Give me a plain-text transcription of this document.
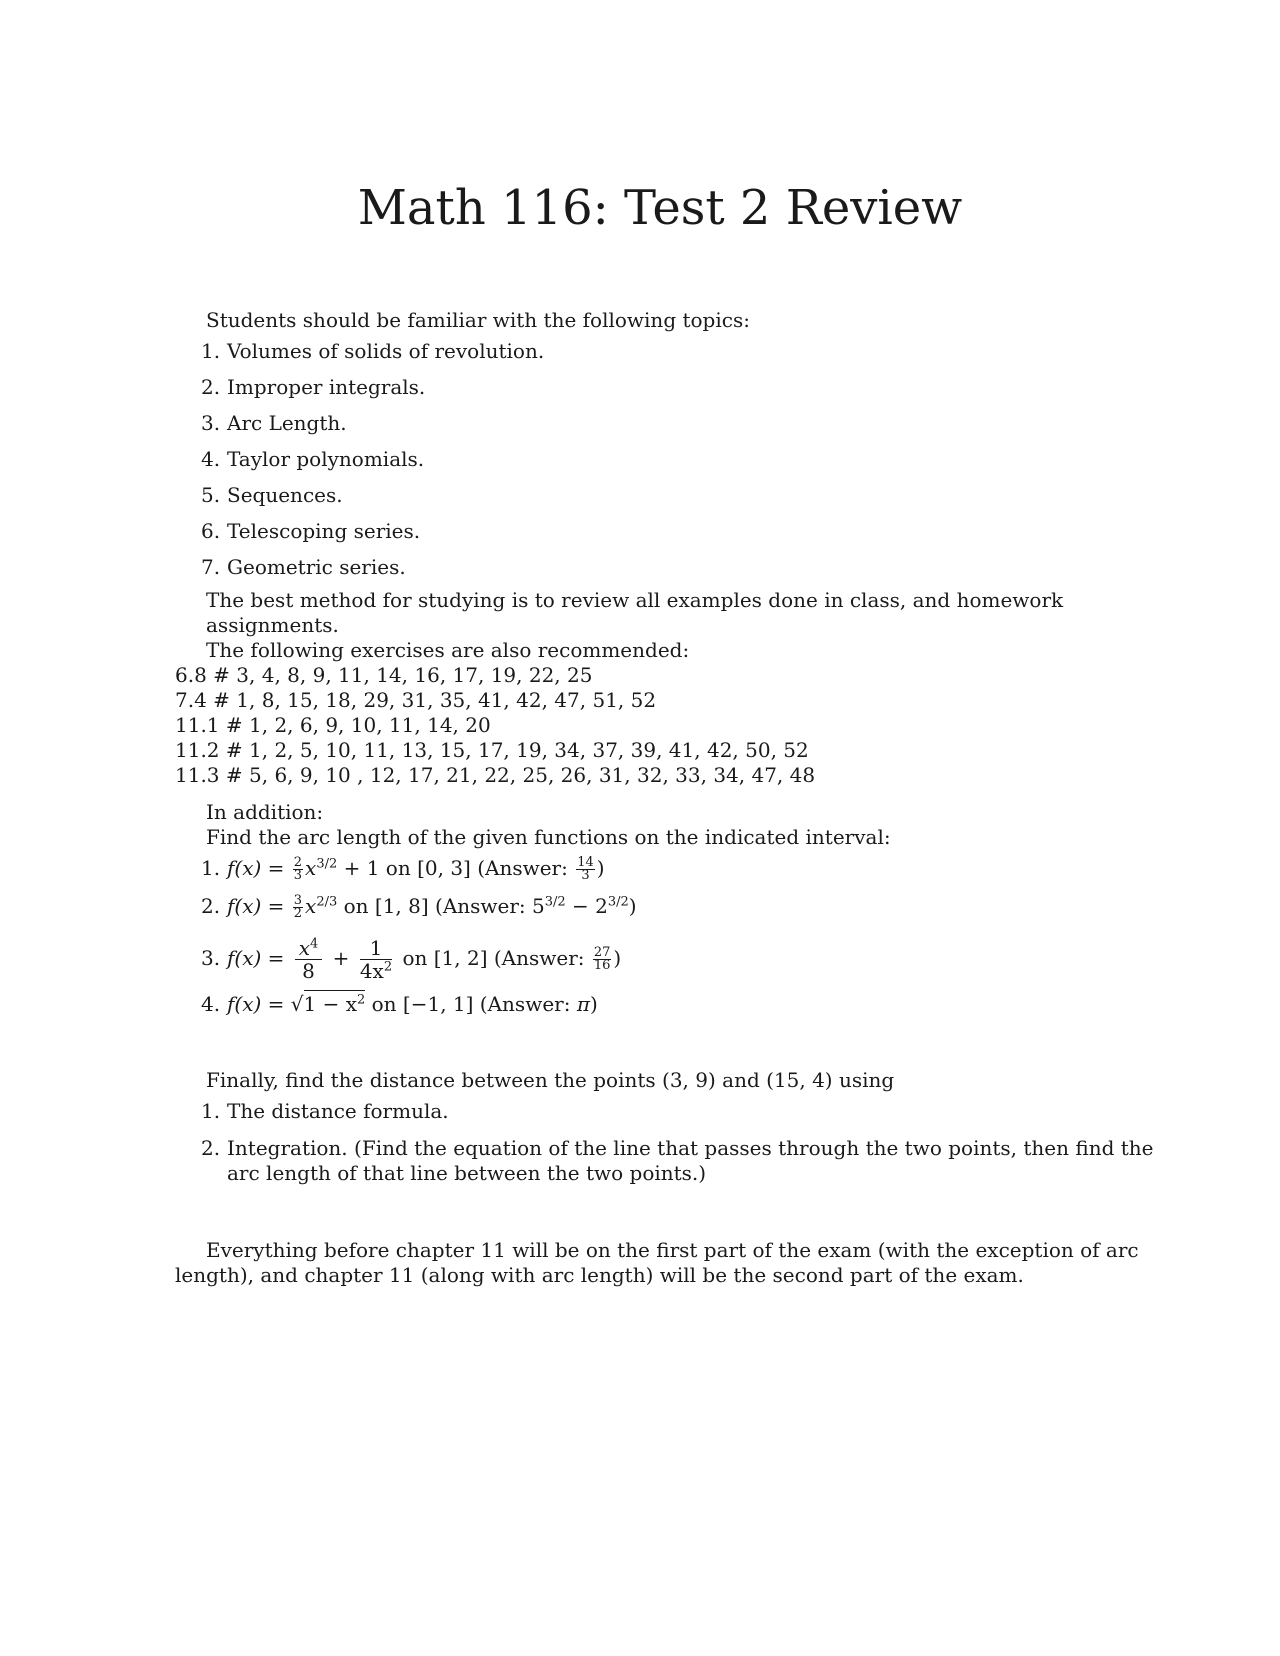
Math 116: Test 2 Review

Students should be familiar with the following topics:

1. Volumes of solids of revolution.
2. Improper integrals.
3. Arc Length.
4. Taylor polynomials.
5. Sequences.
6. Telescoping series.
7. Geometric series.

The best method for studying is to review all examples done in class, and homework assignments.

The following exercises are also recommended:

6.8 # 3, 4, 8, 9, 11, 14, 16, 17, 19, 22, 25
7.4 # 1, 8, 15, 18, 29, 31, 35, 41, 42, 47, 51, 52
11.1 # 1, 2, 6, 9, 10, 11, 14, 20
11.2 # 1, 2, 5, 10, 11, 13, 15, 17, 19, 34, 37, 39, 41, 42, 50, 52
11.3 # 5, 6, 9, 10 , 12, 17, 21, 22, 25, 26, 31, 32, 33, 34, 47, 48

In addition:

Find the arc length of the given functions on the indicated interval:

1. $f(x) = \frac{2}{3} x^{3/2} + 1$ on [0, 3] (Answer: $\frac{14}{3}$ )
2. $f(x) = \frac{3}{2} x^{2/3}$ on [1, 8] (Answer: $5^{3/2} - 2^{3/2}$)
3. $f(x) = \frac{x^4}{8} + \frac{1}{4x^2}$ on [1, 2] (Answer: $\frac{27}{16}$ )
4. $f(x) = √1 - x^2$ on [−1, 1] (Answer: π)

Finally, find the distance between the points (3, 9) and (15, 4) using

1. The distance formula.
2. Integration. (Find the equation of the line that passes through the two points, then find the arc length of that line between the two points.)

Everything before chapter 11 will be on the first part of the exam (with the exception of arc length), and chapter 11 (along with arc length) will be the second part of the exam.
